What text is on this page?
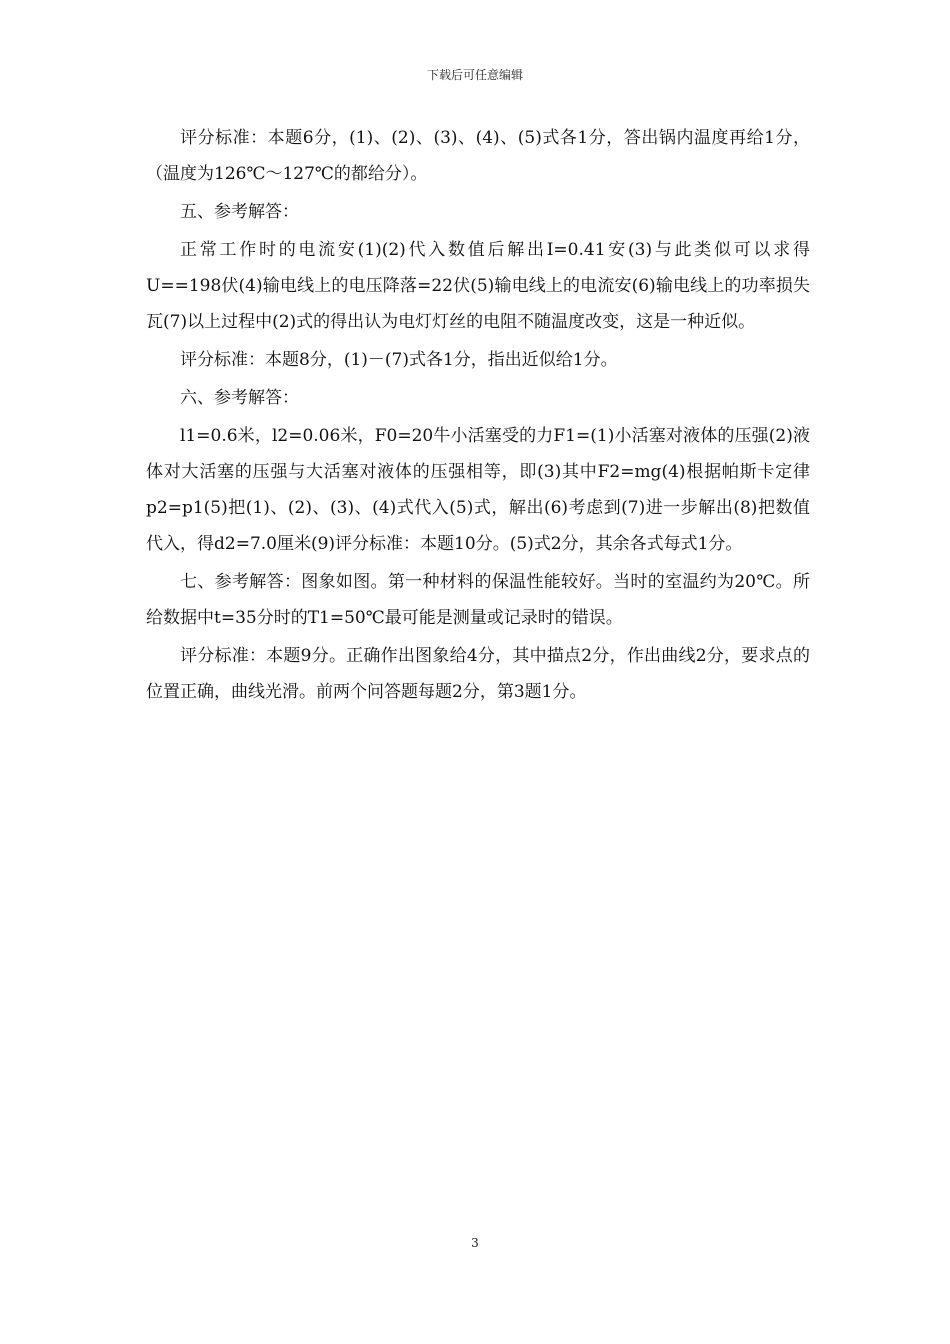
下载后可任意编辑

评分标准：本题6分，(1)、(2)、(3)、(4)、(5)式各1分，答出锅内温度再给1分，（温度为126℃～127℃的都给分）。

五、参考解答：

正常工作时的电流安(1)(2)代入数值后解出I=0.41安(3)与此类似可以求得U==198伏(4)输电线上的电压降落=22伏(5)输电线上的电流安(6)输电线上的功率损失瓦(7)以上过程中(2)式的得出认为电灯灯丝的电阻不随温度改变，这是一种近似。

评分标准：本题8分，(1)－(7)式各1分，指出近似给1分。

六、参考解答：

l1=0.6米，l2=0.06米，F0=20牛小活塞受的力F1=(1)小活塞对液体的压强(2)液体对大活塞的压强与大活塞对液体的压强相等，即(3)其中F2=mg(4)根据帕斯卡定律p2=p1(5)把(1)、(2)、(3)、(4)式代入(5)式，解出(6)考虑到(7)进一步解出(8)把数值代入，得d2=7.0厘米(9)评分标准：本题10分。(5)式2分，其余各式每式1分。

七、参考解答：图象如图。第一种材料的保温性能较好。当时的室温约为20℃。所给数据中t=35分时的T1=50℃最可能是测量或记录时的错误。

评分标准：本题9分。正确作出图象给4分，其中描点2分，作出曲线2分，要求点的位置正确，曲线光滑。前两个问答题每题2分，第3题1分。

3
